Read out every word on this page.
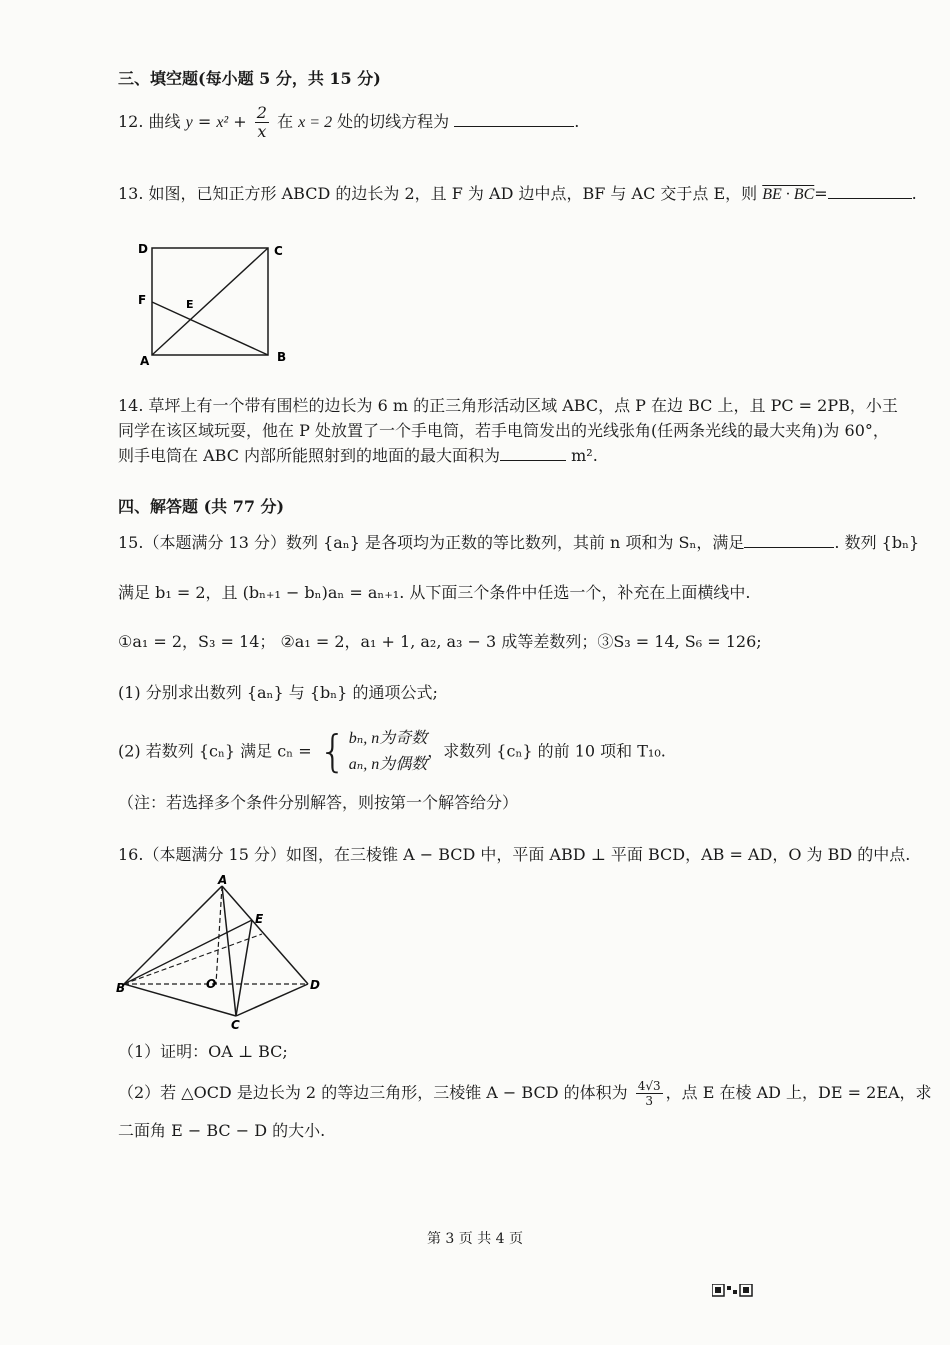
三、填空题(每小题 5 分，共 15 分)
12. 曲线 $y = x^2 + \frac{2}{x}$ 在 x = 2 处的切线方程为	.
13. 如图，已知正方形 ABCD 的边长为 2，且 F 为 AD 边中点，BF 与 AC 交于点 E，则 BE · BC=	.
D	C
F	E
A	B
14. 草坪上有一个带有围栏的边长为 6 m 的正三角形活动区域 ABC，点 P 在边 BC 上，且 PC = 2PB，小王
同学在该区域玩耍，他在 P 处放置了一个手电筒，若手电筒发出的光线张角(任两条光线的最大夹角)为 60°，
则手电筒在 ABC 内部所能照射到的地面的最大面积为	m².
四、解答题 (共 77 分)
15.（本题满分 13 分）数列 {aₙ} 是各项均为正数的等比数列，其前 n 项和为 Sₙ，满足	. 数列 {bₙ}
满足 b₁ = 2，且 (bₙ₊₁ − bₙ)aₙ = aₙ₊₁. 从下面三个条件中任选一个，补充在上面横线中.
①a₁ = 2，S₃ = 14； ②a₁ = 2，a₁ + 1, a₂, a₃ − 3 成等差数列；③S₃ = 14, S₆ = 126;
(1) 分别求出数列 {aₙ} 与 {bₙ} 的通项公式;
(2) 若数列 {cₙ} 满足 cₙ = { bₙ, n为奇数
aₙ, n为偶数
，求数列 {cₙ} 的前 10 项和 T₁₀.
（注：若选择多个条件分别解答，则按第一个解答给分）
16.（本题满分 15 分）如图，在三棱锥 A − BCD 中，平面 ABD ⊥ 平面 BCD，AB = AD，O 为 BD 的中点.
A
E
B	O	D
C
（1）证明：OA ⊥ BC;
（2）若 △OCD 是边长为 2 的等边三角形，三棱锥 A − BCD 的体积为 $\frac{4√3}{3}$ ，点 E 在棱 AD 上，DE = 2EA，求
二面角 E − BC − D 的大小.
第 3 页 共 4 页
